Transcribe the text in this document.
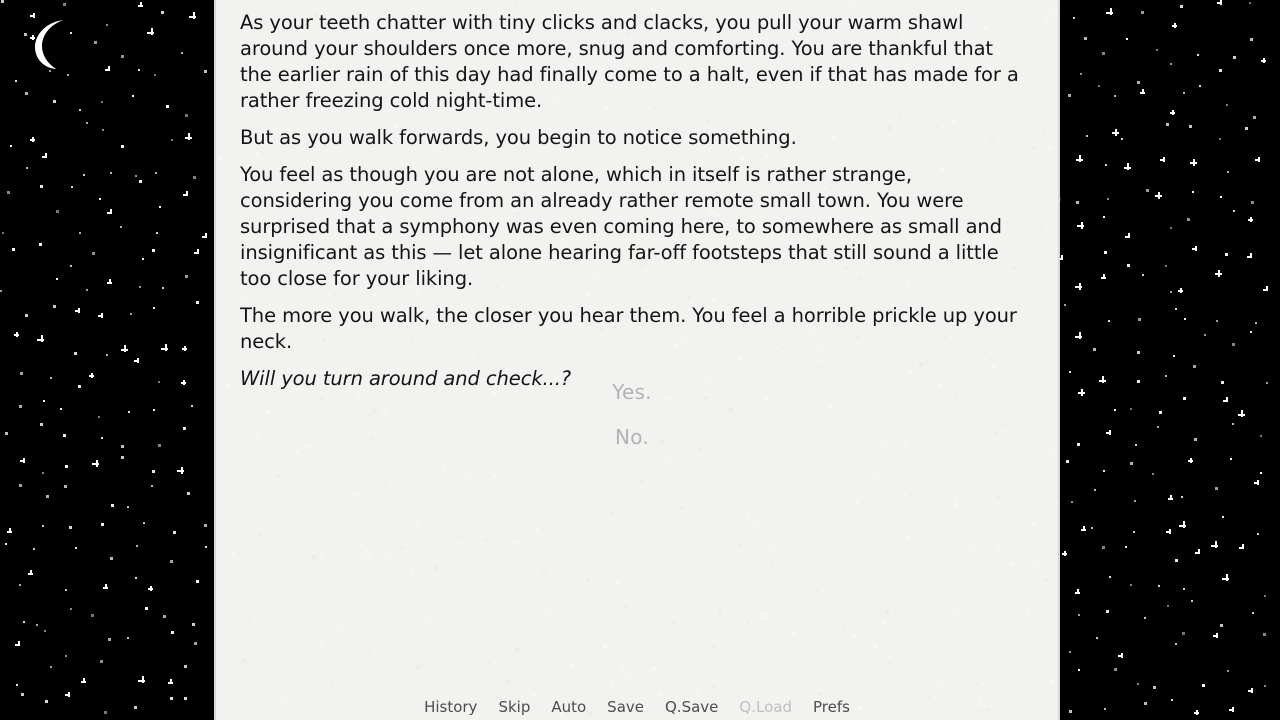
As your teeth chatter with tiny clicks and clacks, you pull your warm shawl around your shoulders once more, snug and comforting. You are thankful that the earlier rain of this day had finally come to a halt, even if that has made for a rather freezing cold night-time.

But as you walk forwards, you begin to notice something.

You feel as though you are not alone, which in itself is rather strange, considering you come from an already rather remote small town. You were surprised that a symphony was even coming here, to somewhere as small and insignificant as this — let alone hearing far-off footsteps that still sound a little too close for your liking.

The more you walk, the closer you hear them. You feel a horrible prickle up your neck.

Will you turn around and check...?

Yes.
No.
History Skip Auto Save Q.Save Q.Load Prefs
